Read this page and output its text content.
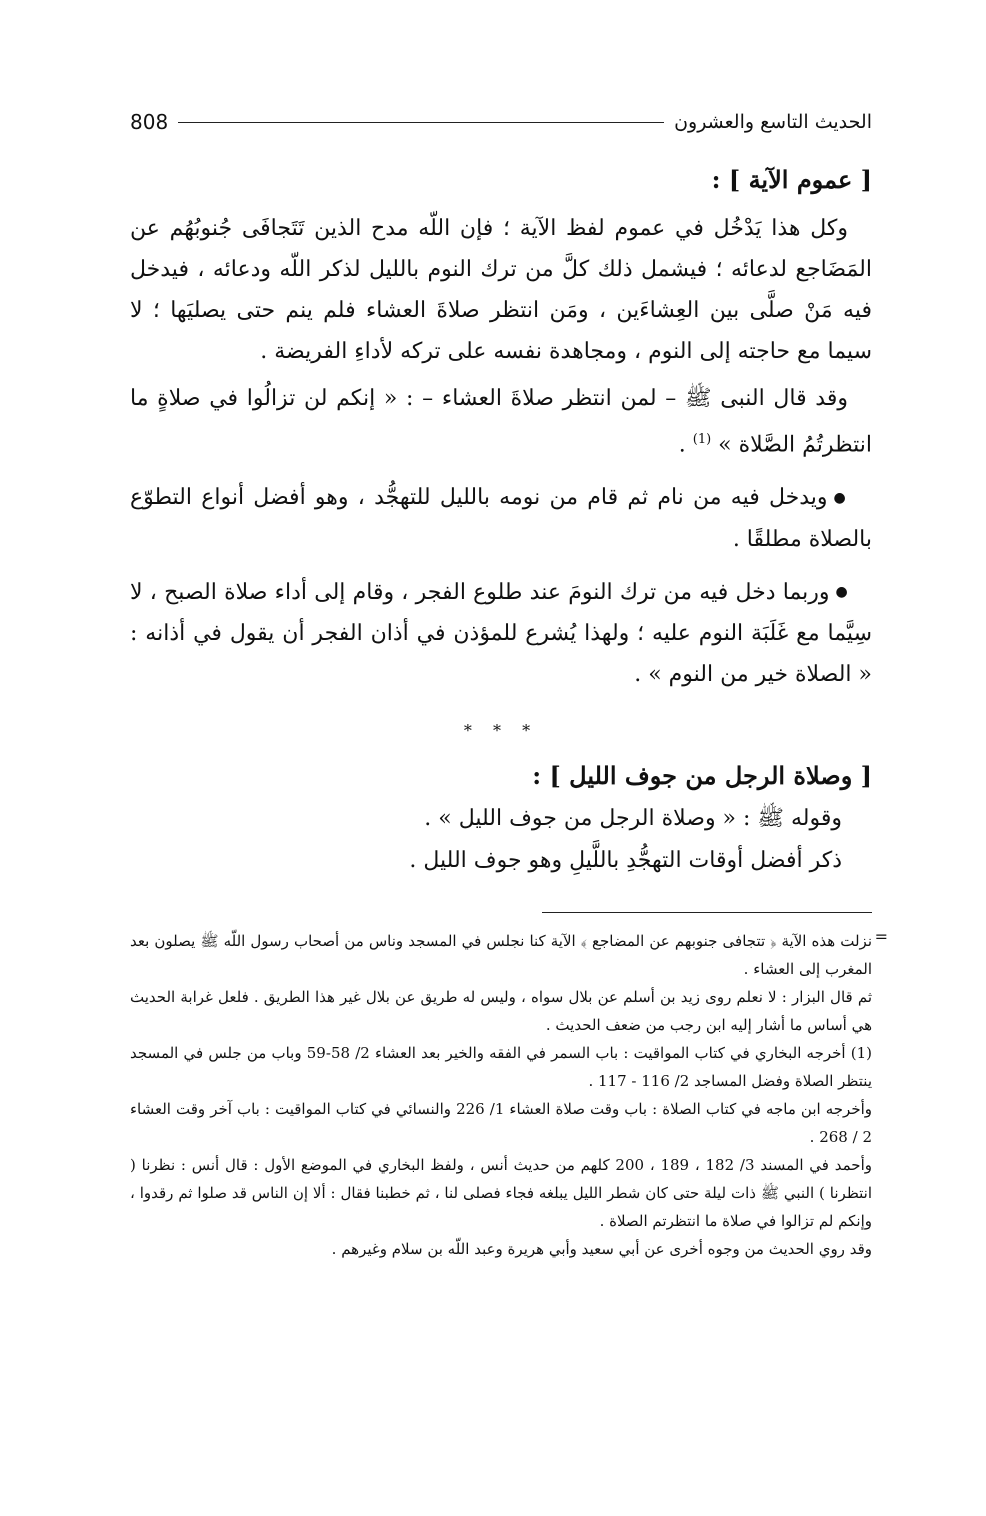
808	الحديث التاسع والعشرون
[ عموم الآية ] :

وكل هذا يَدْخُل في عموم لفظ الآية ؛ فإن اللّه مدح الذين تَتَجافَى جُنوبُهُم عن المَضَاجع لدعائه ؛ فيشمل ذلك كلَّ من ترك النوم بالليل لذكر اللّه ودعائه ، فيدخل فيه مَنْ صلَّى بين العِشاءَين ، ومَن انتظر صلاةَ العشاء فلم ينم حتى يصليَها ؛ لا سيما مع حاجته إلى النوم ، ومجاهدة نفسه على تركه لأداءِ الفريضة .

وقد قال النبى ﷺ – لمن انتظر صلاةَ العشاء – : « إنكم لن تزالُوا في صلاةٍ ما انتظرتُمُ الصَّلاة » $^{(1)}$ .

●ويدخل فيه من نام ثم قام من نومه بالليل للتهجُّد ، وهو أفضل أنواع التطوّع بالصلاة مطلقًا .

●وربما دخل فيه من ترك النومَ عند طلوع الفجر ، وقام إلى أداء صلاة الصبح ، لا سِيَّما مع غَلَبَة النوم عليه ؛ ولهذا يُشرع للمؤذن في أذان الفجر أن يقول في أذانه : « الصلاة خير من النوم » .

* * *
[ وصلاة الرجل من جوف الليل ] :

وقوله ﷺ : « وصلاة الرجل من جوف الليل » .

ذكر أفضل أوقات التهجُّدِ باللَّيلِ وهو جوف الليل .

=

نزلت هذه الآية ﴿ تتجافى جنوبهم عن المضاجع ﴾ الآية كنا نجلس في المسجد وناس من أصحاب رسول اللّه ﷺ يصلون بعد المغرب إلى العشاء .

ثم قال البزار : لا نعلم روى زيد بن أسلم عن بلال سواه ، وليس له طريق عن بلال غير هذا الطريق . فلعل غرابة الحديث هي أساس ما أشار إليه ابن رجب من ضعف الحديث .

(1) أخرجه البخاري في كتاب المواقيت : باب السمر في الفقه والخير بعد العشاء 2/ 58-59 وباب من جلس في المسجد ينتظر الصلاة وفضل المساجد 2/ 116 - 117 .

وأخرجه ابن ماجه في كتاب الصلاة : باب وقت صلاة العشاء 1/ 226 والنسائي في كتاب المواقيت : باب آخر وقت العشاء 2 / 268 .

وأحمد في المسند 3/ 182 ، 189 ، 200 كلهم من حديث أنس ، ولفظ البخاري في الموضع الأول : قال أنس : نظرنا ( انتظرنا ) النبي ﷺ ذات ليلة حتى كان شطر الليل يبلغه فجاء فصلى لنا ، ثم خطبنا فقال : ألا إن الناس قد صلوا ثم رقدوا ، وإنكم لم تزالوا في صلاة ما انتظرتم الصلاة .

وقد روي الحديث من وجوه أخرى عن أبي سعيد وأبي هريرة وعبد اللّه بن سلام وغيرهم .
